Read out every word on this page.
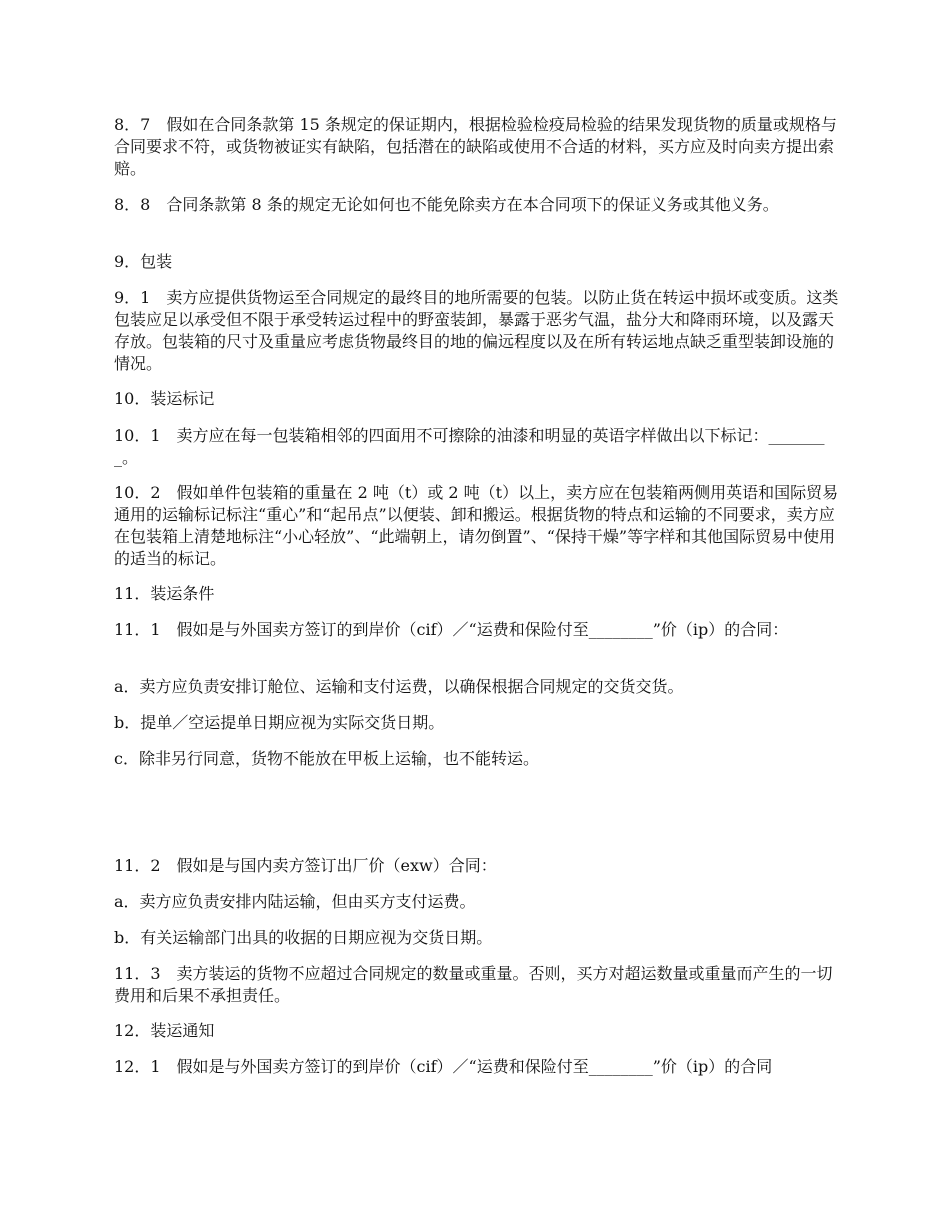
8．7　假如在合同条款第 15 条规定的保证期内，根据检验检疫局检验的结果发现货物的质量或规格与合同要求不符，或货物被证实有缺陷，包括潜在的缺陷或使用不合适的材料，买方应及时向卖方提出索赔。

8．8　合同条款第 8 条的规定无论如何也不能免除卖方在本合同项下的保证义务或其他义务。

9．包装

9．1　卖方应提供货物运至合同规定的最终目的地所需要的包装。以防止货在转运中损坏或变质。这类包装应足以承受但不限于承受转运过程中的野蛮装卸，暴露于恶劣气温，盐分大和降雨环境，以及露天存放。包装箱的尺寸及重量应考虑货物最终目的地的偏远程度以及在所有转运地点缺乏重型装卸设施的情况。

10．装运标记

10．1　卖方应在每一包装箱相邻的四面用不可擦除的油漆和明显的英语字样做出以下标记：________。

10．2　假如单件包装箱的重量在 2 吨（t）或 2 吨（t）以上，卖方应在包装箱两侧用英语和国际贸易通用的运输标记标注“重心”和“起吊点”以便装、卸和搬运。根据货物的特点和运输的不同要求，卖方应在包装箱上清楚地标注“小心轻放”、“此端朝上，请勿倒置”、“保持干燥”等字样和其他国际贸易中使用的适当的标记。

11．装运条件

11．1　假如是与外国卖方签订的到岸价（cif）／“运费和保险付至________”价（ip）的合同：

a．卖方应负责安排订舱位、运输和支付运费，以确保根据合同规定的交货交货。

b．提单／空运提单日期应视为实际交货日期。

c．除非另行同意，货物不能放在甲板上运输，也不能转运。

11．2　假如是与国内卖方签订出厂价（exw）合同：

a．卖方应负责安排内陆运输，但由买方支付运费。

b．有关运输部门出具的收据的日期应视为交货日期。

11．3　卖方装运的货物不应超过合同规定的数量或重量。否则，买方对超运数量或重量而产生的一切费用和后果不承担责任。

12．装运通知

12．1　假如是与外国卖方签订的到岸价（cif）／“运费和保险付至________”价（ip）的合同
